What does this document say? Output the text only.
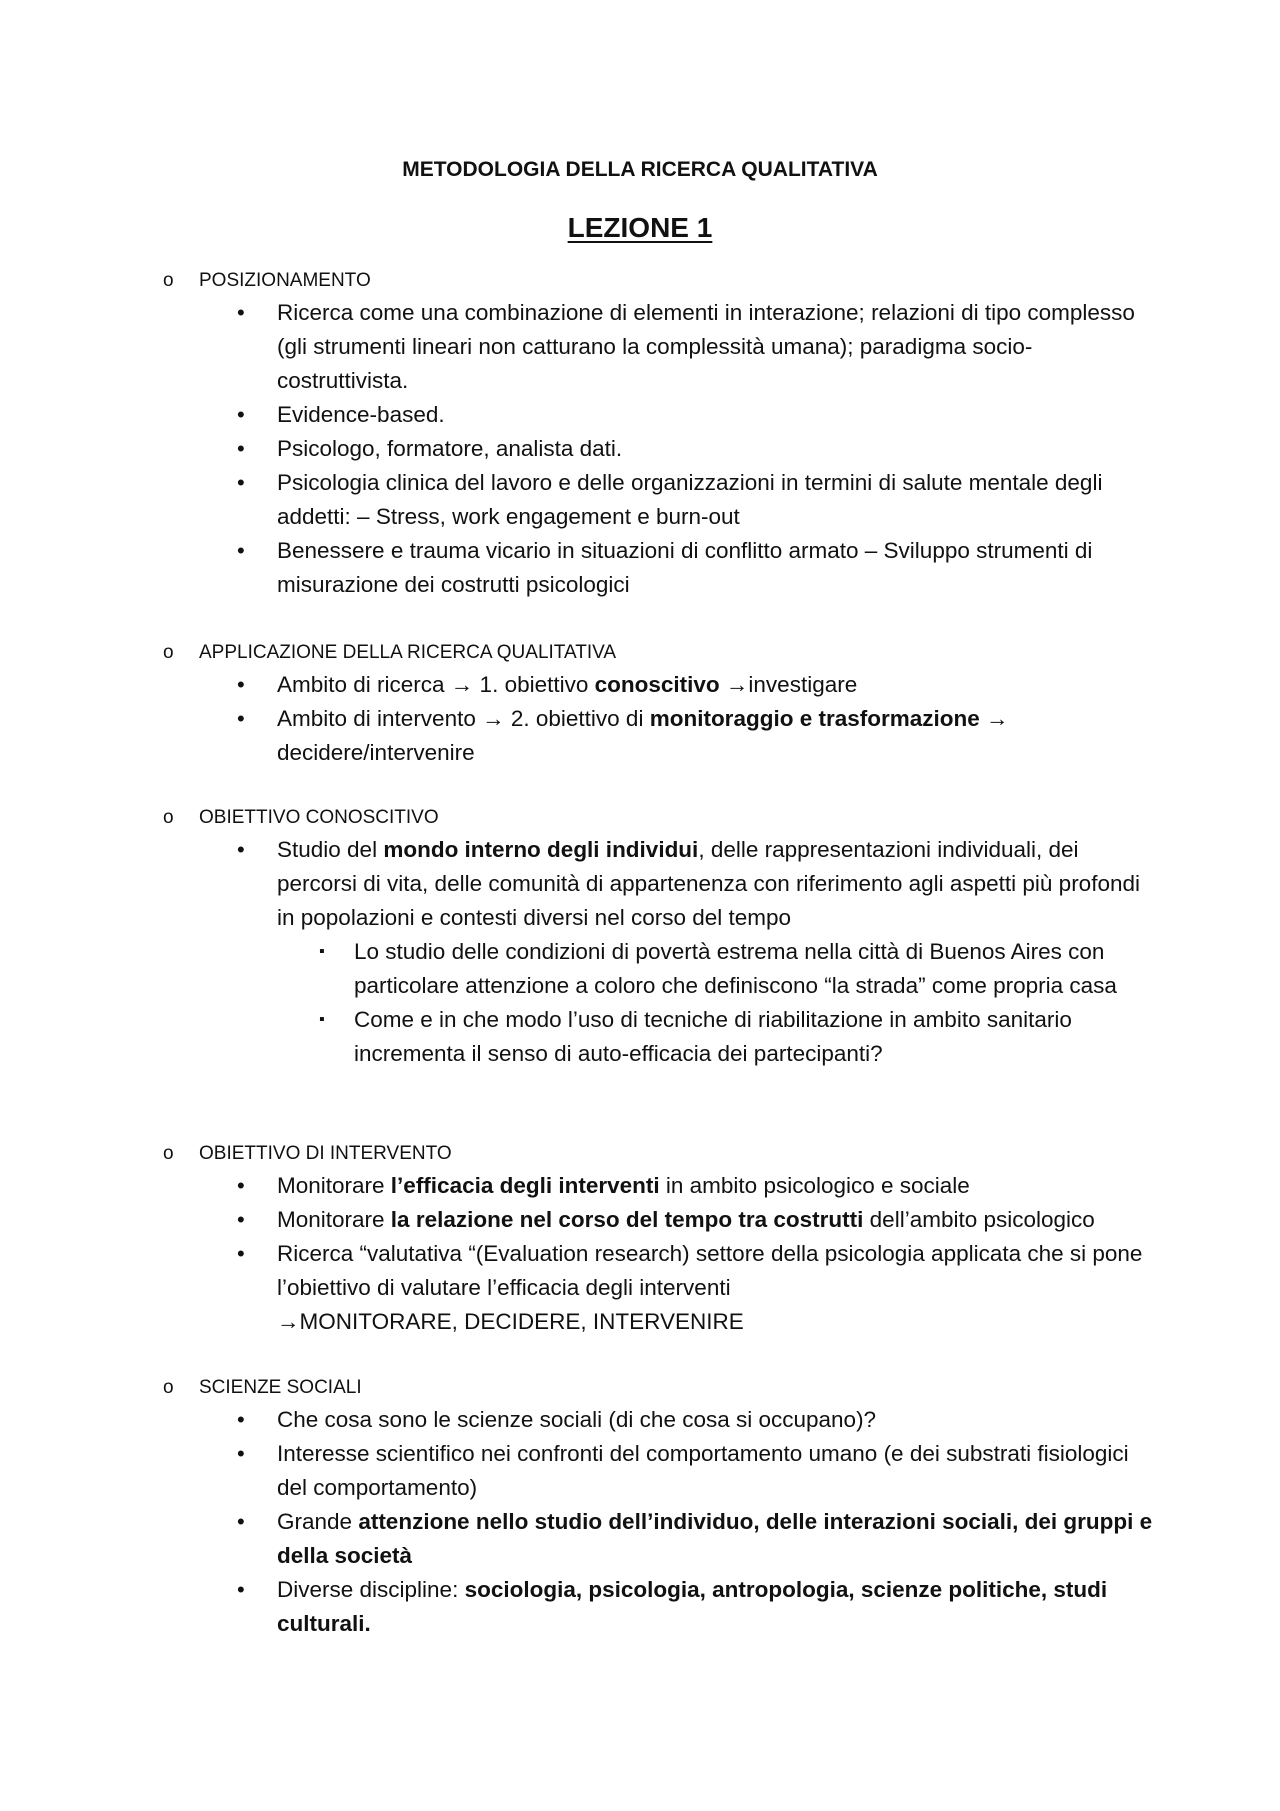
METODOLOGIA DELLA RICERCA QUALITATIVA
LEZIONE 1
o POSIZIONAMENTO
• Ricerca come una combinazione di elementi in interazione; relazioni di tipo complesso (gli strumenti lineari non catturano la complessità umana); paradigma socio-costruttivista.
• Evidence-based.
• Psicologo, formatore, analista dati.
• Psicologia clinica del lavoro e delle organizzazioni in termini di salute mentale degli addetti: – Stress, work engagement e burn-out
• Benessere e trauma vicario in situazioni di conflitto armato – Sviluppo strumenti di misurazione dei costrutti psicologici
o APPLICAZIONE DELLA RICERCA QUALITATIVA
• Ambito di ricerca → 1. obiettivo conoscitivo →investigare
• Ambito di intervento → 2. obiettivo di monitoraggio e trasformazione → decidere/intervenire
o OBIETTIVO CONOSCITIVO
• Studio del mondo interno degli individui, delle rappresentazioni individuali, dei percorsi di vita, delle comunità di appartenenza con riferimento agli aspetti più profondi in popolazioni e contesti diversi nel corso del tempo
▪ Lo studio delle condizioni di povertà estrema nella città di Buenos Aires con particolare attenzione a coloro che definiscono “la strada” come propria casa
▪ Come e in che modo l’uso di tecniche di riabilitazione in ambito sanitario incrementa il senso di auto-efficacia dei partecipanti?
o OBIETTIVO DI INTERVENTO
• Monitorare l’efficacia degli interventi in ambito psicologico e sociale
• Monitorare la relazione nel corso del tempo tra costrutti dell’ambito psicologico
• Ricerca “valutativa “(Evaluation research) settore della psicologia applicata che si pone l’obiettivo di valutare l’efficacia degli interventi
→MONITORARE, DECIDERE, INTERVENIRE
o SCIENZE SOCIALI
• Che cosa sono le scienze sociali (di che cosa si occupano)?
• Interesse scientifico nei confronti del comportamento umano (e dei substrati fisiologici del comportamento)
• Grande attenzione nello studio dell’individuo, delle interazioni sociali, dei gruppi e della società
• Diverse discipline: sociologia, psicologia, antropologia, scienze politiche, studi culturali.
